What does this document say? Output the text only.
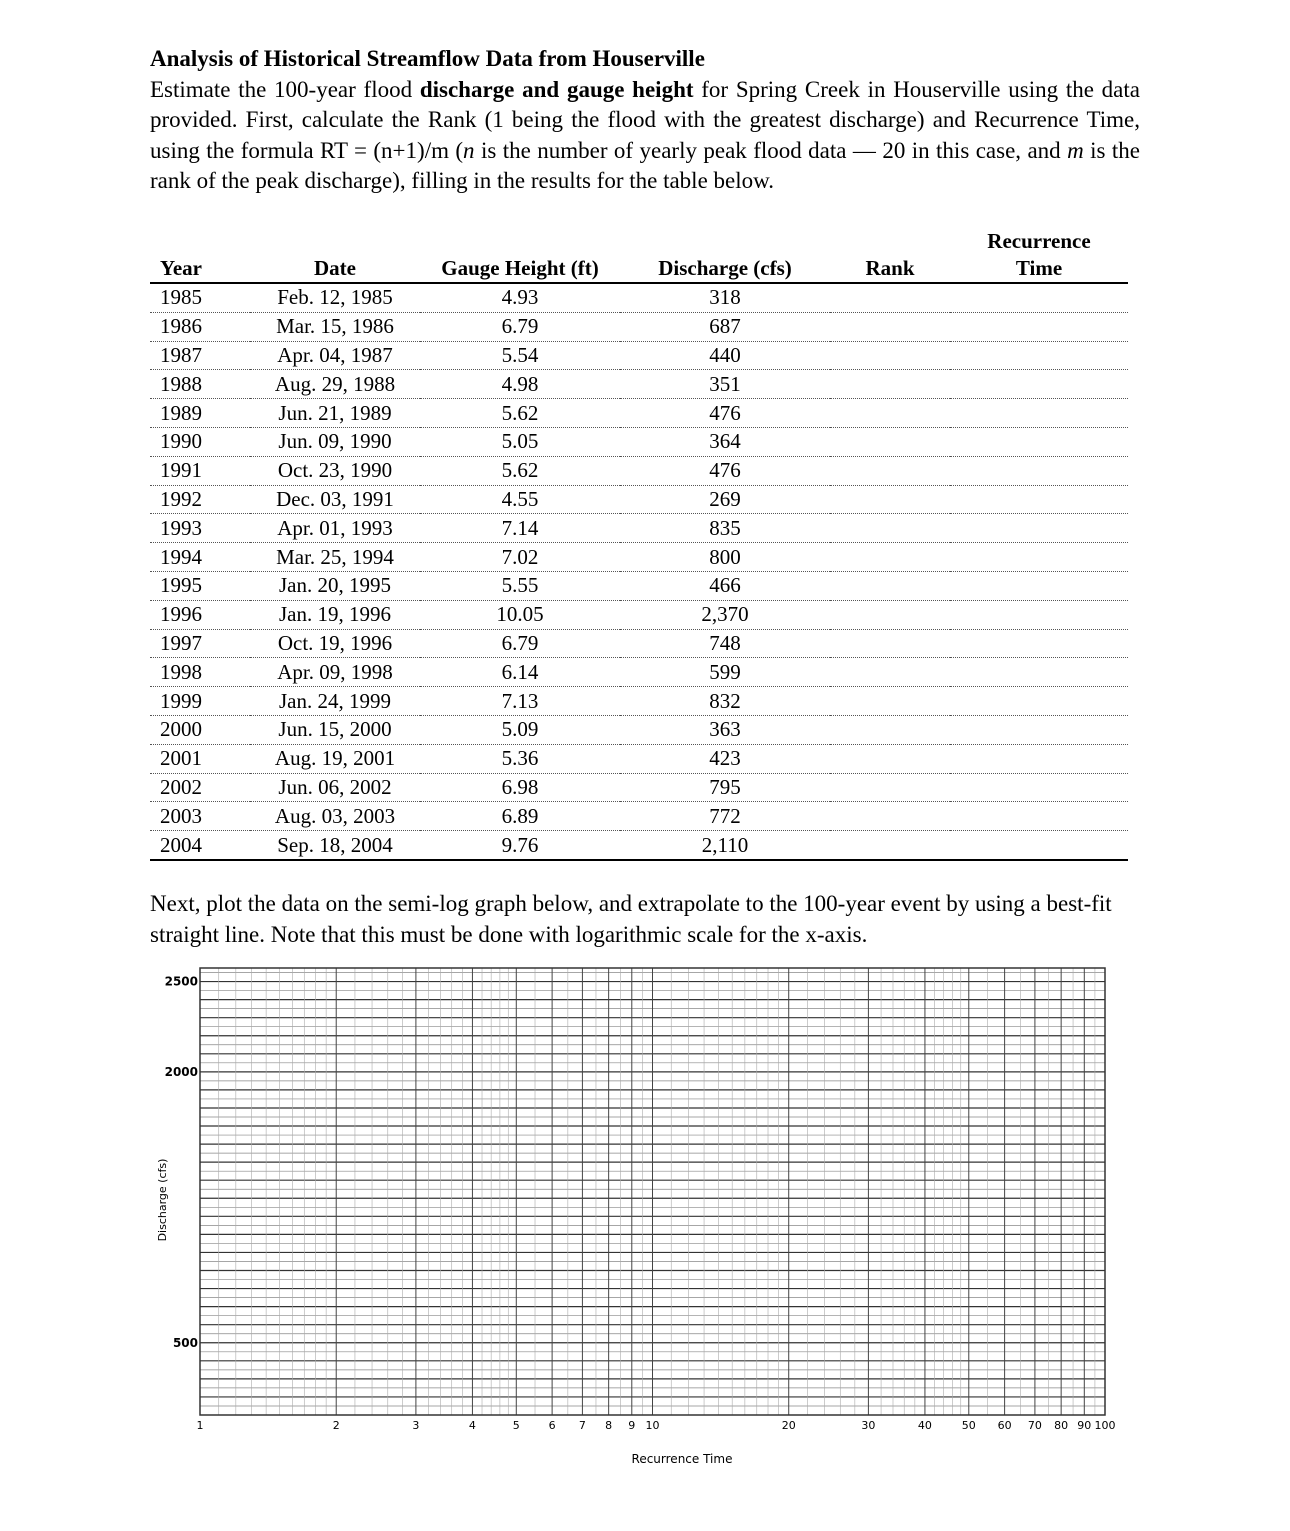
Analysis of Historical Streamflow Data from Houserville
Estimate the 100-year flood discharge and gauge height for Spring Creek in Houserville using the data provided. First, calculate the Rank (1 being the flood with the greatest discharge) and Recurrence Time, using the formula RT = (n+1)/m (n is the number of yearly peak flood data — 20 in this case, and m is the rank of the peak discharge), filling in the results for the table below.
Year	Date	Gauge Height (ft)	Discharge (cfs)	Rank	Recurrence Time
1985	Feb. 12, 1985	4.93	318		
1986	Mar. 15, 1986	6.79	687		
1987	Apr. 04, 1987	5.54	440		
1988	Aug. 29, 1988	4.98	351		
1989	Jun. 21, 1989	5.62	476		
1990	Jun. 09, 1990	5.05	364		
1991	Oct. 23, 1990	5.62	476		
1992	Dec. 03, 1991	4.55	269		
1993	Apr. 01, 1993	7.14	835		
1994	Mar. 25, 1994	7.02	800		
1995	Jan. 20, 1995	5.55	466		
1996	Jan. 19, 1996	10.05	2,370		
1997	Oct. 19, 1996	6.79	748		
1998	Apr. 09, 1998	6.14	599		
1999	Jan. 24, 1999	7.13	832		
2000	Jun. 15, 2000	5.09	363		
2001	Aug. 19, 2001	5.36	423		
2002	Jun. 06, 2002	6.98	795		
2003	Aug. 03, 2003	6.89	772		
2004	Sep. 18, 2004	9.76	2,110		
Next, plot the data on the semi-log graph below, and extrapolate to the 100-year event by using a best-fit straight line. Note that this must be done with logarithmic scale for the x-axis.
1	2	3	4	5	6 7 8 9 10	20	30	40	50 60 70 80 90 100
2500
2000
500
Recurrence Time
Discharge (cfs)
